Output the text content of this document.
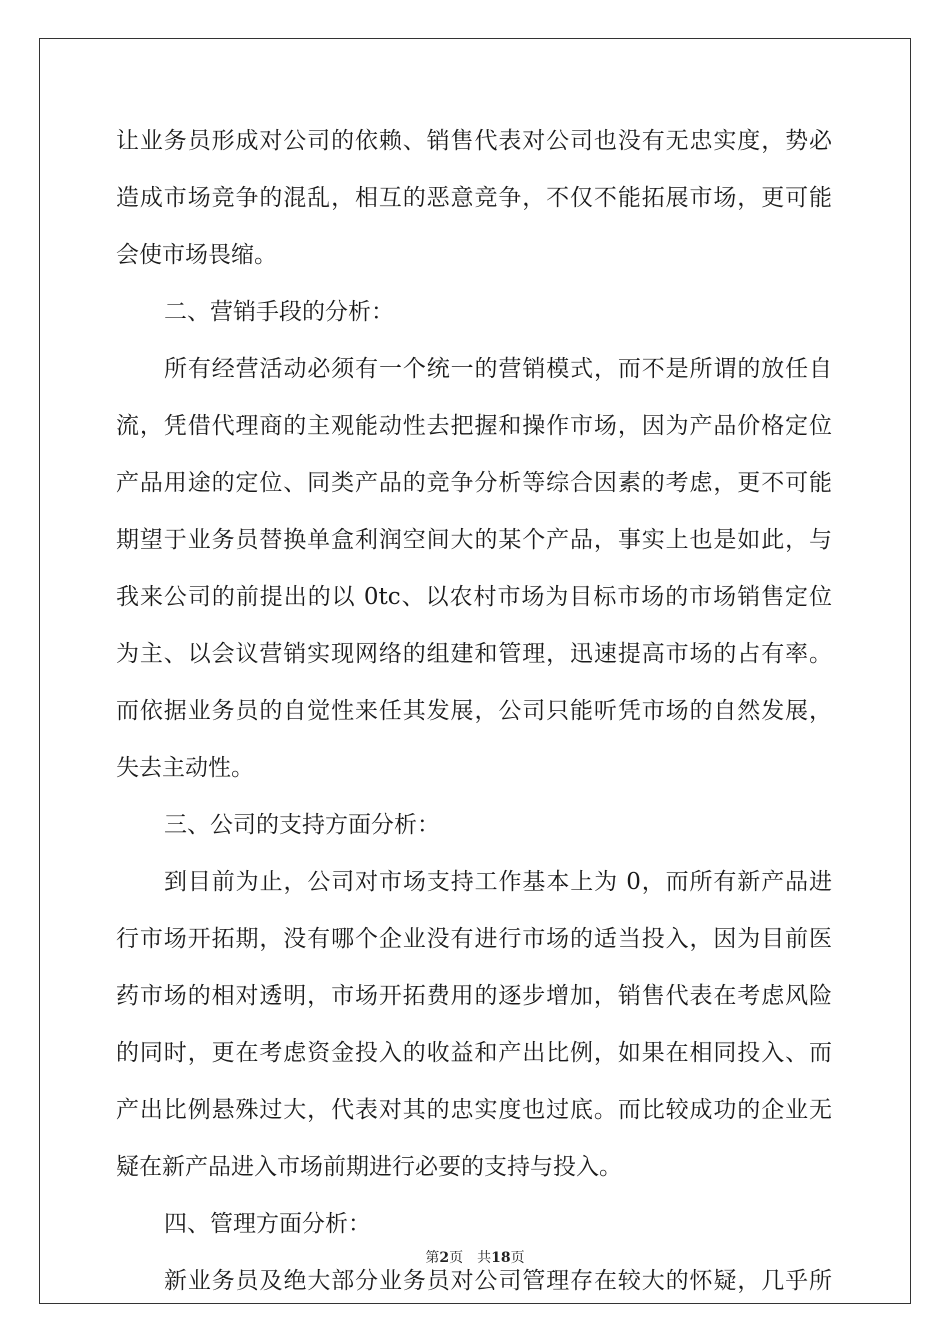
让业务员形成对公司的依赖、销售代表对公司也没有无忠实度，势必
造成市场竞争的混乱，相互的恶意竞争，不仅不能拓展市场，更可能
会使市场畏缩。
二、营销手段的分析：
所有经营活动必须有一个统一的营销模式，而不是所谓的放任自
流，凭借代理商的主观能动性去把握和操作市场，因为产品价格定位
产品用途的定位、同类产品的竞争分析等综合因素的考虑，更不可能
期望于业务员替换单盒利润空间大的某个产品，事实上也是如此，与
我来公司的前提出的以 0tc、以农村市场为目标市场的市场销售定位
为主、以会议营销实现网络的组建和管理，迅速提高市场的占有率。
而依据业务员的自觉性来任其发展，公司只能听凭市场的自然发展，
失去主动性。
三、公司的支持方面分析：
到目前为止，公司对市场支持工作基本上为 0，而所有新产品进
行市场开拓期，没有哪个企业没有进行市场的适当投入，因为目前医
药市场的相对透明，市场开拓费用的逐步增加，销售代表在考虑风险
的同时，更在考虑资金投入的收益和产出比例，如果在相同投入、而
产出比例悬殊过大，代表对其的忠实度也过底。而比较成功的企业无
疑在新产品进入市场前期进行必要的支持与投入。
四、管理方面分析：
新业务员及绝大部分业务员对公司管理存在较大的怀疑，几乎所
第2页　共18页
